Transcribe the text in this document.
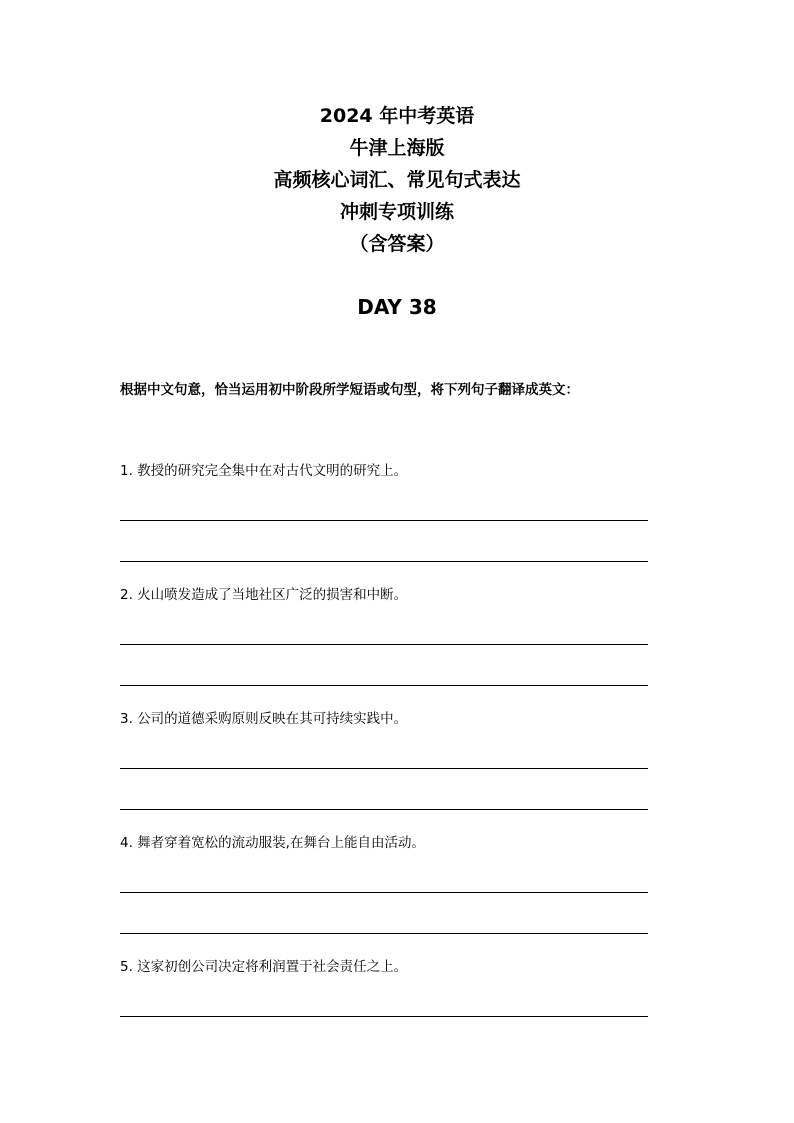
2024 年中考英语
牛津上海版
高频核心词汇、常见句式表达
冲刺专项训练
（含答案）
DAY 38
根据中文句意，恰当运用初中阶段所学短语或句型，将下列句子翻译成英文：
1. 教授的研究完全集中在对古代文明的研究上。
2. 火山喷发造成了当地社区广泛的损害和中断。
3. 公司的道德采购原则反映在其可持续实践中。
4. 舞者穿着宽松的流动服装,在舞台上能自由活动。
5. 这家初创公司决定将利润置于社会责任之上。
